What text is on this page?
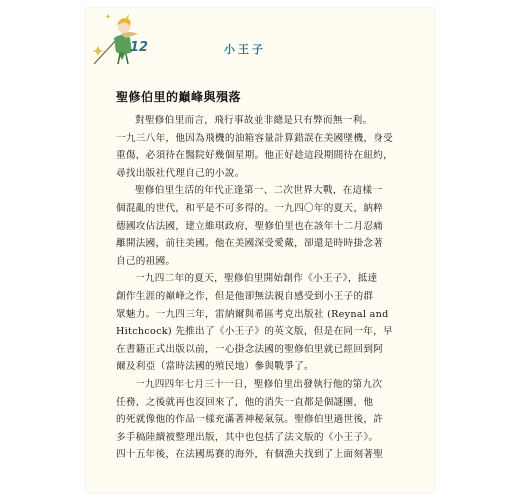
12	小王子
聖修伯里的巔峰與殞落
對聖修伯里而言，飛行事故並非總是只有弊而無一利。
一九三八年，他因為飛機的油箱容量計算錯誤在美國墜機，身受
重傷，必須待在醫院好幾個星期。他正好趁這段期間待在紐約，
尋找出版社代理自己的小說。
聖修伯里生活的年代正逢第一、二次世界大戰，在這樣一
個混亂的世代，和平是不可多得的。一九四〇年的夏天，納粹
德國攻佔法國，建立維琪政府，聖修伯里也在該年十二月忍痛
離開法國，前往美國。他在美國深受愛戴，卻還是時時掛念著
自己的祖國。
一九四二年的夏天，聖修伯里開始創作《小王子》，抵達
創作生涯的巔峰之作，但是他卻無法親自感受到小王子的群
眾魅力。一九四三年，雷納爾與希區考克出版社 (Reynal and
Hitchcock) 先推出了《小王子》的英文版，但是在同一年，早
在書籍正式出版以前，一心掛念法國的聖修伯里就已經回到阿
爾及利亞（當時法國的殖民地）參與戰爭了。
一九四四年七月三十一日，聖修伯里出發執行他的第九次
任務，之後就再也沒回來了，他的消失一直都是個謎團，他
的死就像他的作品一樣充滿著神秘氣氛。聖修伯里過世後，許
多手稿陸續被整理出版，其中也包括了法文版的《小王子》。
四十五年後，在法國馬賽的海外，有個漁夫找到了上面刻著聖
